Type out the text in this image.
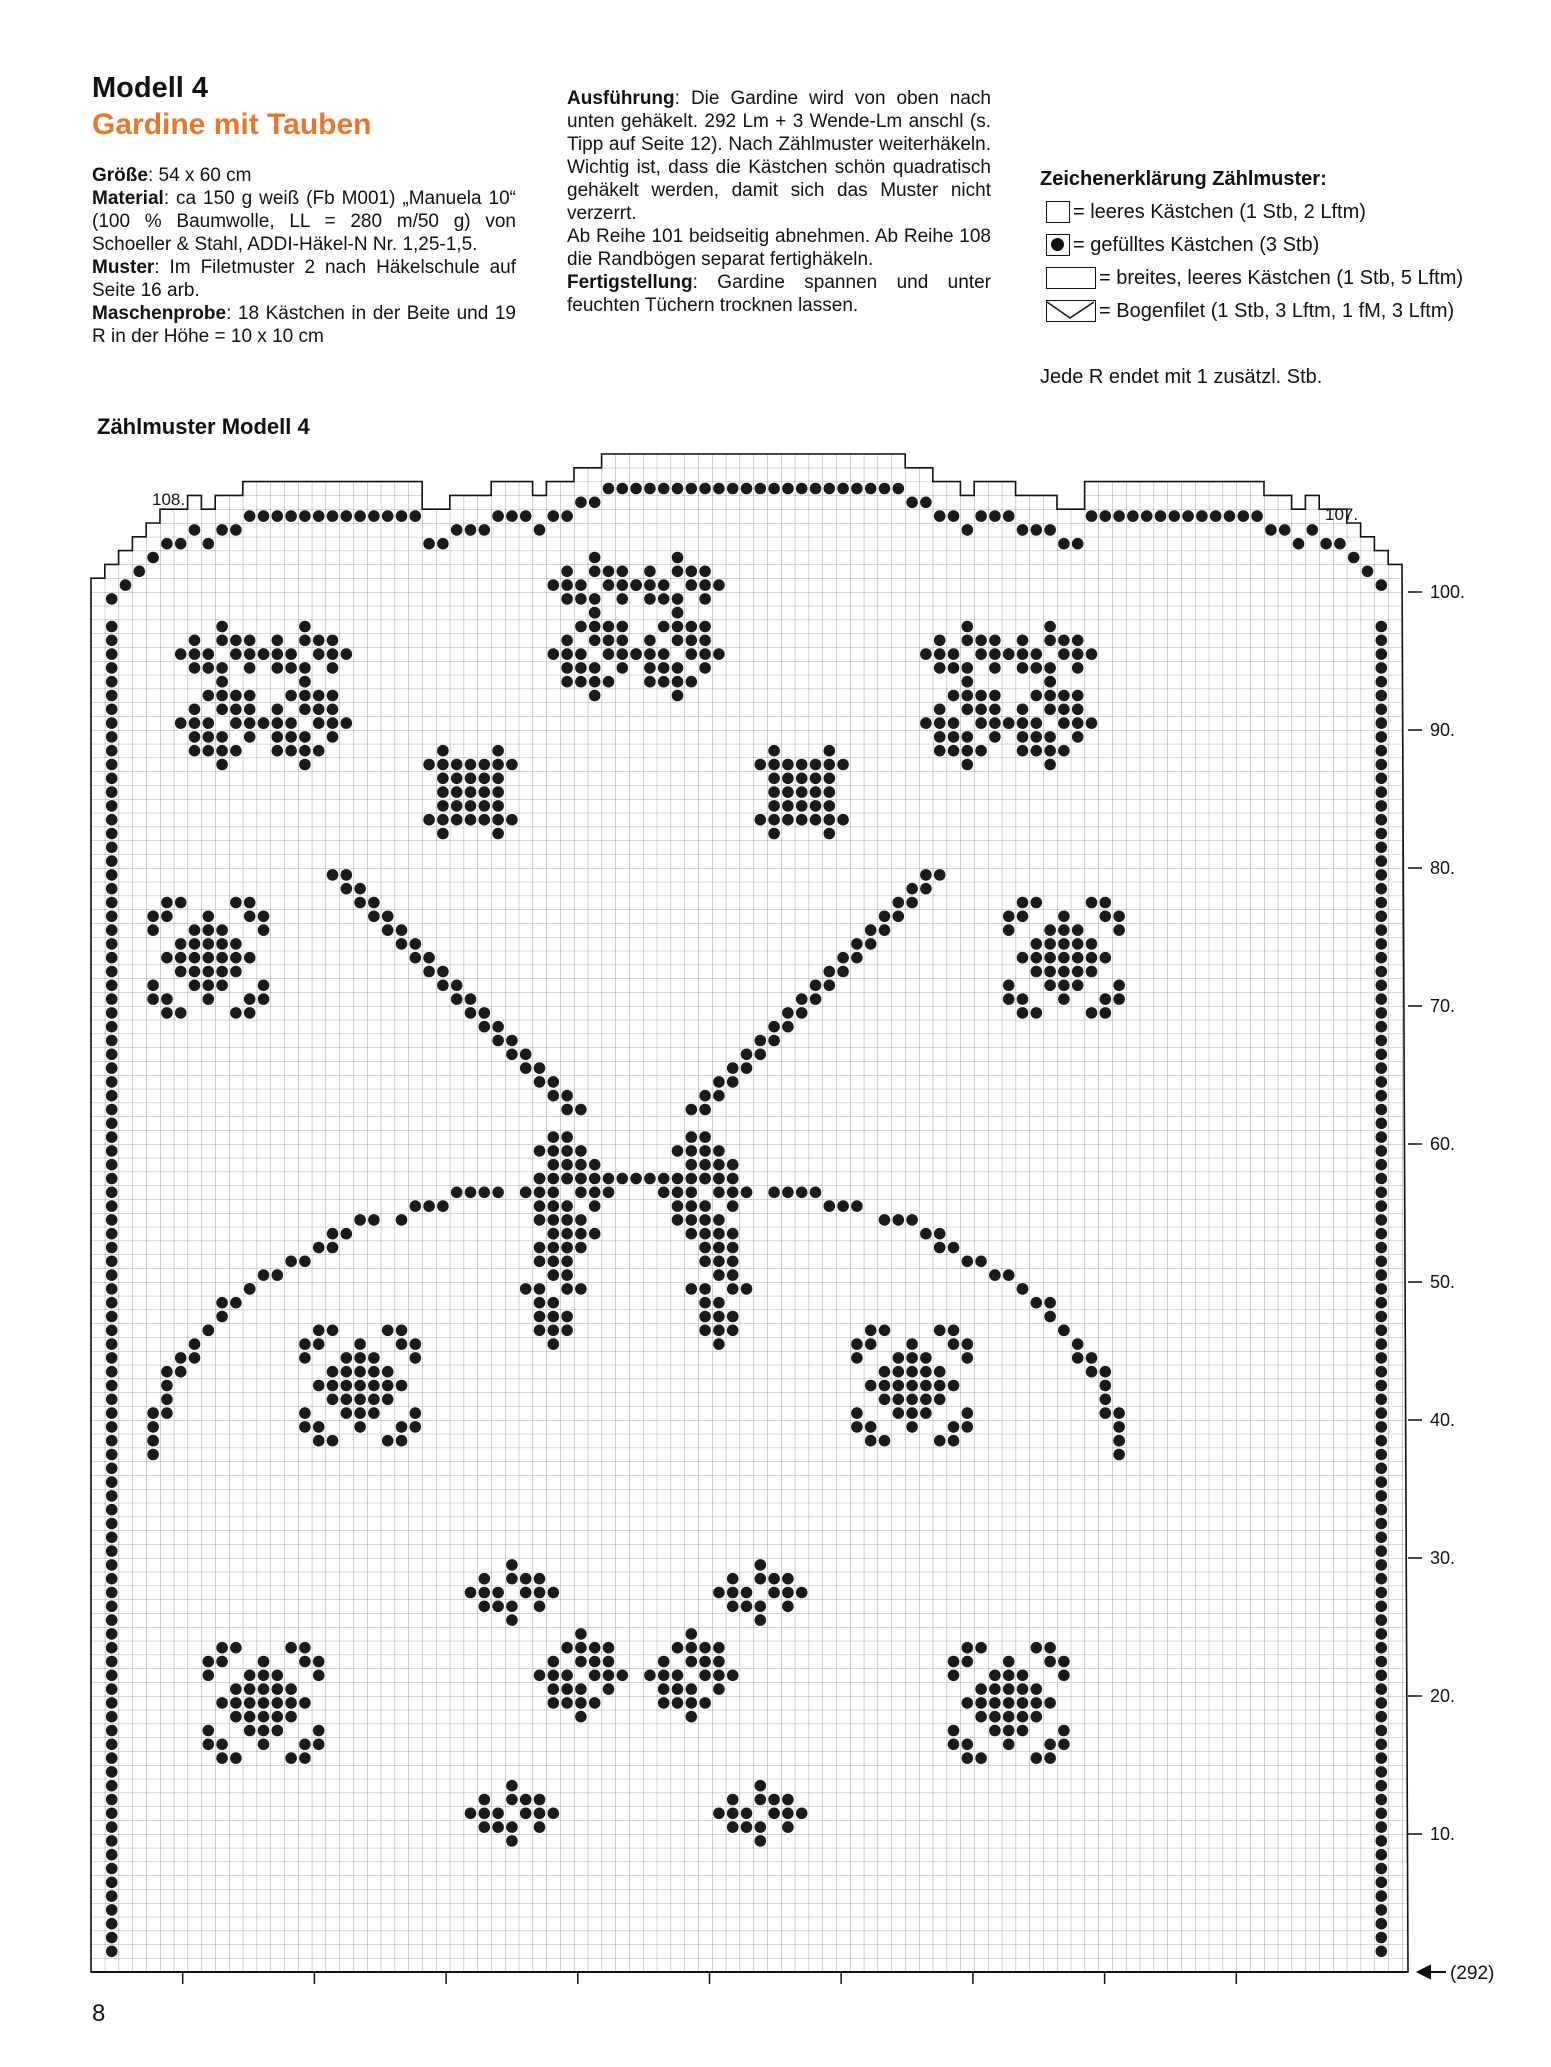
Modell 4
Gardine mit Tauben

Größe: 54 x 60 cm

Material: ca 150 g weiß (Fb M001) „Manuela 10“ (100 % Baumwolle, LL = 280 m/50 g) von Schoeller & Stahl, ADDI-Häkel-N Nr. 1,25-1,5.

Muster: Im Filetmuster 2 nach Häkelschule auf Seite 16 arb.

Maschenprobe: 18 Kästchen in der Beite und 19 R in der Höhe = 10 x 10 cm

Ausführung: Die Gardine wird von oben nach unten gehäkelt. 292 Lm + 3 Wende-Lm anschl (s. Tipp auf Seite 12). Nach Zählmuster weiterhäkeln. Wichtig ist, dass die Kästchen schön quadratisch gehäkelt werden, damit sich das Muster nicht verzerrt.

Ab Reihe 101 beidseitig abnehmen. Ab Reihe 108 die Randbögen separat fertighäkeln.

Fertigstellung: Gardine spannen und unter feuchten Tüchern trocknen lassen.

Zeichenerklärung Zählmuster:
= leeres Kästchen (1 Stb, 2 Lftm)
= gefülltes Kästchen (3 Stb)
= breites, leeres Kästchen (1 Stb, 5 Lftm)
= Bogenfilet (1 Stb, 3 Lftm, 1 fM, 3 Lftm)
Jede R endet mit 1 zusätzl. Stb.
Zählmuster Modell 4
100.
90.
80.
70.
60.
50.
40.
30.
20.
10.
108.
107.
(292)
8
